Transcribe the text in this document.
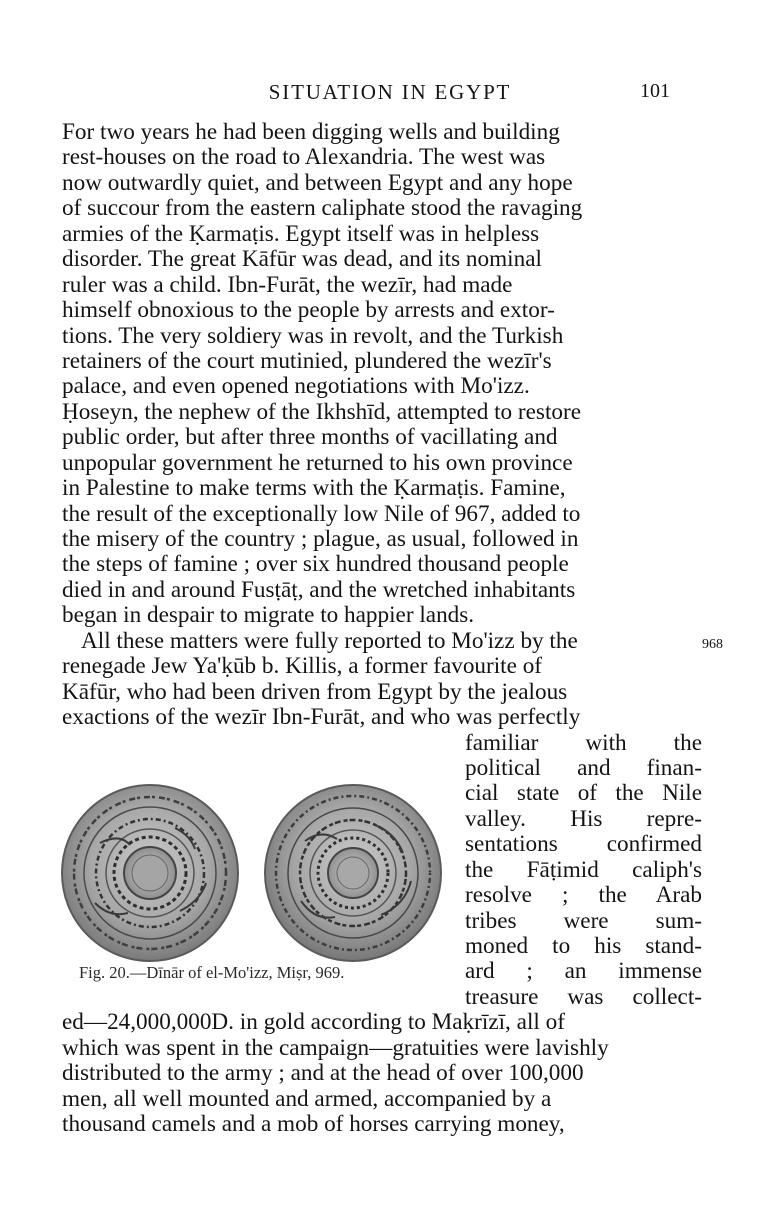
SITUATION IN EGYPT	101
968
For two years he had been digging wells and building
rest-houses on the road to Alexandria. The west was
now outwardly quiet, and between Egypt and any hope
of succour from the eastern caliphate stood the ravaging
armies of the Ḳarmaṭis. Egypt itself was in helpless
disorder. The great Kāfūr was dead, and its nominal
ruler was a child. Ibn-Furāt, the wezīr, had made
himself obnoxious to the people by arrests and extor-
tions. The very soldiery was in revolt, and the Turkish
retainers of the court mutinied, plundered the wezīr's
palace, and even opened negotiations with Mo'izz.
Ḥoseyn, the nephew of the Ikhshīd, attempted to restore
public order, but after three months of vacillating and
unpopular government he returned to his own province
in Palestine to make terms with the Ḳarmaṭis. Famine,
the result of the exceptionally low Nile of 967, added to
the misery of the country ; plague, as usual, followed in
the steps of famine ; over six hundred thousand people
died in and around Fusṭāṭ, and the wretched inhabitants
began in despair to migrate to happier lands.
All these matters were fully reported to Mo'izz by the
renegade Jew Ya'ḳūb b. Killis, a former favourite of
Kāfūr, who had been driven from Egypt by the jealous
exactions of the wezīr Ibn-Furāt, and who was perfectly
familiar with the
political and finan-
cial state of the Nile
valley. His repre-
sentations confirmed
the Fāṭimid caliph's
resolve ; the Arab
tribes were sum-
moned to his stand-
ard ; an immense
treasure was collect-
ed—24,000,000D. in gold according to Maḳrīzī, all of
which was spent in the campaign—gratuities were lavishly
distributed to the army ; and at the head of over 100,000
men, all well mounted and armed, accompanied by a
thousand camels and a mob of horses carrying money,
Fig. 20.—Dīnār of el-Mo'izz, Miṣr, 969.
